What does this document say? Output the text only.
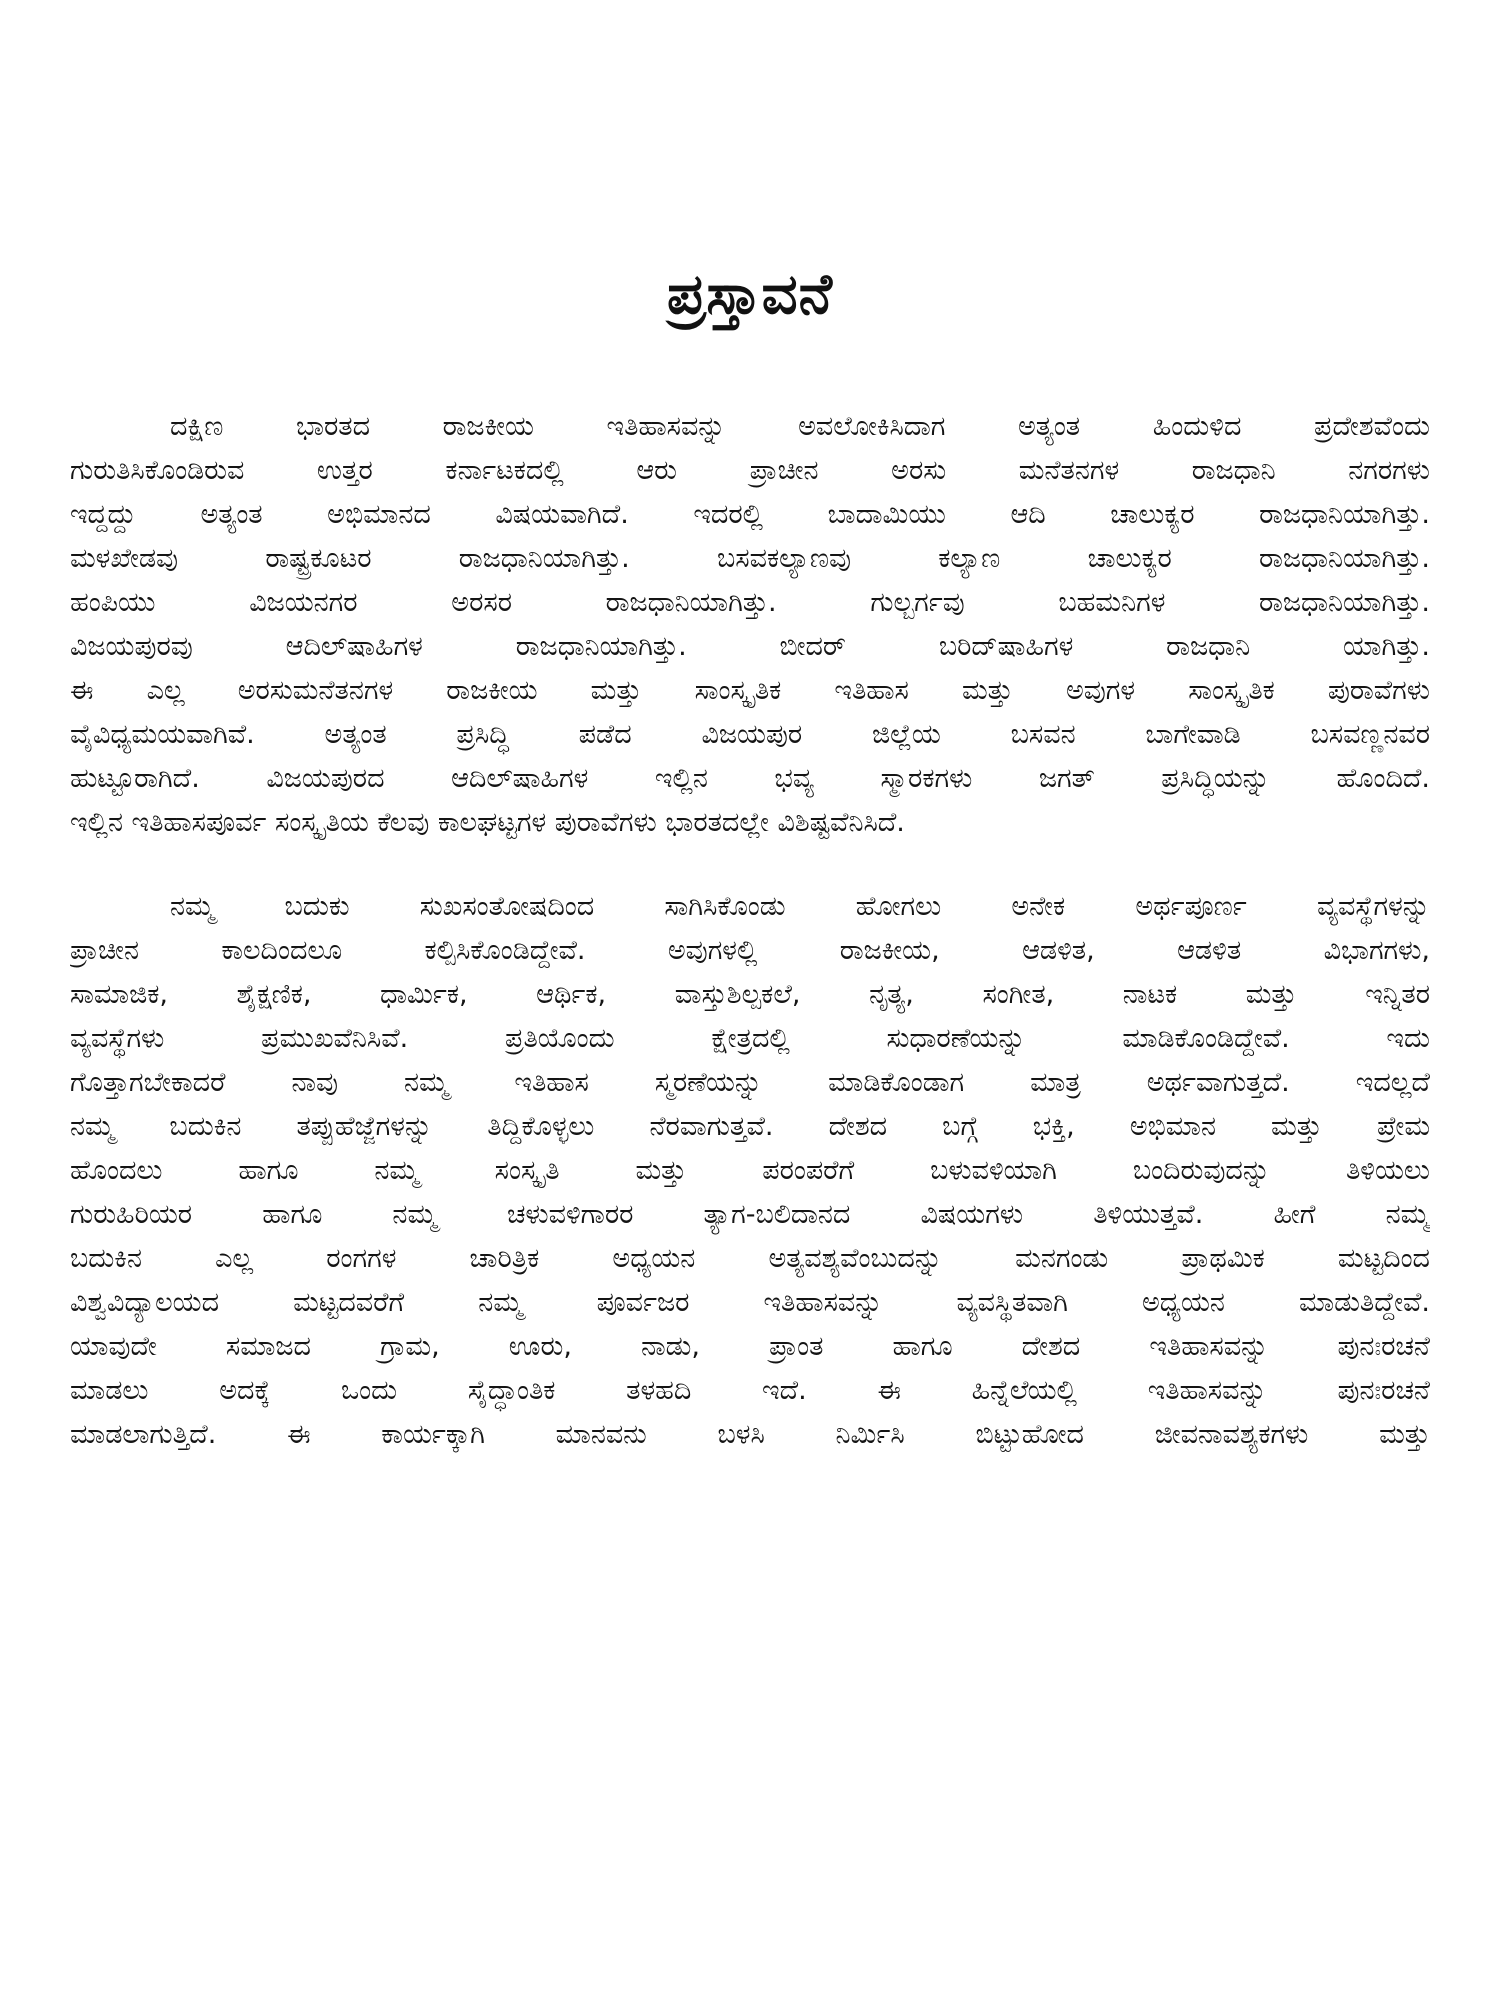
ಪ್ರಸ್ತಾವನೆ

ದಕ್ಷಿಣ ಭಾರತದ ರಾಜಕೀಯ ಇತಿಹಾಸವನ್ನು ಅವಲೋಕಿಸಿದಾಗ ಅತ್ಯಂತ ಹಿಂದುಳಿದ ಪ್ರದೇಶವೆಂದು
ಗುರುತಿಸಿಕೊಂಡಿರುವ ಉತ್ತರ ಕರ್ನಾಟಕದಲ್ಲಿ ಆರು ಪ್ರಾಚೀನ ಅರಸು ಮನೆತನಗಳ ರಾಜಧಾನಿ ನಗರಗಳು
ಇದ್ದದ್ದು ಅತ್ಯಂತ ಅಭಿಮಾನದ ವಿಷಯವಾಗಿದೆ. ಇದರಲ್ಲಿ ಬಾದಾಮಿಯು ಆದಿ ಚಾಲುಕ್ಯರ ರಾಜಧಾನಿಯಾಗಿತ್ತು.
ಮಳಖೇಡವು ರಾಷ್ಟ್ರಕೂಟರ ರಾಜಧಾನಿಯಾಗಿತ್ತು. ಬಸವಕಲ್ಯಾಣವು ಕಲ್ಯಾಣ ಚಾಲುಕ್ಯರ ರಾಜಧಾನಿಯಾಗಿತ್ತು.
ಹಂಪಿಯು ವಿಜಯನಗರ ಅರಸರ ರಾಜಧಾನಿಯಾಗಿತ್ತು. ಗುಲ್ಬರ್ಗವು ಬಹಮನಿಗಳ ರಾಜಧಾನಿಯಾಗಿತ್ತು.
ವಿಜಯಪುರವು ಆದಿಲ್‌ಷಾಹಿಗಳ ರಾಜಧಾನಿಯಾಗಿತ್ತು. ಬೀದರ್ ಬರಿದ್‌ಷಾಹಿಗಳ ರಾಜಧಾನಿ ಯಾಗಿತ್ತು.
ಈ ಎಲ್ಲ ಅರಸುಮನೆತನಗಳ ರಾಜಕೀಯ ಮತ್ತು ಸಾಂಸ್ಕೃತಿಕ ಇತಿಹಾಸ ಮತ್ತು ಅವುಗಳ ಸಾಂಸ್ಕೃತಿಕ ಪುರಾವೆಗಳು
ವೈವಿಧ್ಯಮಯವಾಗಿವೆ. ಅತ್ಯಂತ ಪ್ರಸಿದ್ಧಿ ಪಡೆದ ವಿಜಯಪುರ ಜಿಲ್ಲೆಯ ಬಸವನ ಬಾಗೇವಾಡಿ ಬಸವಣ್ಣನವರ
ಹುಟ್ಟೂರಾಗಿದೆ. ವಿಜಯಪುರದ ಆದಿಲ್‌ಷಾಹಿಗಳ ಇಲ್ಲಿನ ಭವ್ಯ ಸ್ಮಾರಕಗಳು ಜಗತ್ ಪ್ರಸಿದ್ಧಿಯನ್ನು ಹೊಂದಿದೆ.
ಇಲ್ಲಿನ ಇತಿಹಾಸಪೂರ್ವ ಸಂಸ್ಕೃತಿಯ ಕೆಲವು ಕಾಲಘಟ್ಟಗಳ ಪುರಾವೆಗಳು ಭಾರತದಲ್ಲೇ ವಿಶಿಷ್ಟವೆನಿಸಿದೆ.

ನಮ್ಮ ಬದುಕು ಸುಖಸಂತೋಷದಿಂದ ಸಾಗಿಸಿಕೊಂಡು ಹೋಗಲು ಅನೇಕ ಅರ್ಥಪೂರ್ಣ ವ್ಯವಸ್ಥೆಗಳನ್ನು
ಪ್ರಾಚೀನ ಕಾಲದಿಂದಲೂ ಕಲ್ಪಿಸಿಕೊಂಡಿದ್ದೇವೆ. ಅವುಗಳಲ್ಲಿ ರಾಜಕೀಯ, ಆಡಳಿತ, ಆಡಳಿತ ವಿಭಾಗಗಳು,
ಸಾಮಾಜಿಕ, ಶೈಕ್ಷಣಿಕ, ಧಾರ್ಮಿಕ, ಆರ್ಥಿಕ, ವಾಸ್ತುಶಿಲ್ಪಕಲೆ, ನೃತ್ಯ, ಸಂಗೀತ, ನಾಟಕ ಮತ್ತು ಇನ್ನಿತರ
ವ್ಯವಸ್ಥೆಗಳು ಪ್ರಮುಖವೆನಿಸಿವೆ. ಪ್ರತಿಯೊಂದು ಕ್ಷೇತ್ರದಲ್ಲಿ ಸುಧಾರಣೆಯನ್ನು ಮಾಡಿಕೊಂಡಿದ್ದೇವೆ. ಇದು
ಗೊತ್ತಾಗಬೇಕಾದರೆ ನಾವು ನಮ್ಮ ಇತಿಹಾಸ ಸ್ಮರಣೆಯನ್ನು ಮಾಡಿಕೊಂಡಾಗ ಮಾತ್ರ ಅರ್ಥವಾಗುತ್ತದೆ. ಇದಲ್ಲದೆ
ನಮ್ಮ ಬದುಕಿನ ತಪ್ಪುಹೆಜ್ಜೆಗಳನ್ನು ತಿದ್ದಿಕೊಳ್ಳಲು ನೆರವಾಗುತ್ತವೆ. ದೇಶದ ಬಗ್ಗೆ ಭಕ್ತಿ, ಅಭಿಮಾನ ಮತ್ತು ಪ್ರೇಮ
ಹೊಂದಲು ಹಾಗೂ ನಮ್ಮ ಸಂಸ್ಕೃತಿ ಮತ್ತು ಪರಂಪರೆಗೆ ಬಳುವಳಿಯಾಗಿ ಬಂದಿರುವುದನ್ನು ತಿಳಿಯಲು
ಗುರುಹಿರಿಯರ ಹಾಗೂ ನಮ್ಮ ಚಳುವಳಿಗಾರರ ತ್ಯಾಗ-ಬಲಿದಾನದ ವಿಷಯಗಳು ತಿಳಿಯುತ್ತವೆ. ಹೀಗೆ ನಮ್ಮ
ಬದುಕಿನ ಎಲ್ಲ ರಂಗಗಳ ಚಾರಿತ್ರಿಕ ಅಧ್ಯಯನ ಅತ್ಯವಶ್ಯವೆಂಬುದನ್ನು ಮನಗಂಡು ಪ್ರಾಥಮಿಕ ಮಟ್ಟದಿಂದ
ವಿಶ್ವವಿದ್ಯಾಲಯದ ಮಟ್ಟದವರೆಗೆ ನಮ್ಮ ಪೂರ್ವಜರ ಇತಿಹಾಸವನ್ನು ವ್ಯವಸ್ಥಿತವಾಗಿ ಅಧ್ಯಯನ ಮಾಡುತಿದ್ದೇವೆ.
ಯಾವುದೇ ಸಮಾಜದ ಗ್ರಾಮ, ಊರು, ನಾಡು, ಪ್ರಾಂತ ಹಾಗೂ ದೇಶದ ಇತಿಹಾಸವನ್ನು ಪುನಃರಚನೆ
ಮಾಡಲು ಅದಕ್ಕೆ ಒಂದು ಸೈದ್ಧಾಂತಿಕ ತಳಹದಿ ಇದೆ. ಈ ಹಿನ್ನೆಲೆಯಲ್ಲಿ ಇತಿಹಾಸವನ್ನು ಪುನಃರಚನೆ
ಮಾಡಲಾಗುತ್ತಿದೆ. ಈ ಕಾರ್ಯಕ್ಕಾಗಿ ಮಾನವನು ಬಳಸಿ ನಿರ್ಮಿಸಿ ಬಿಟ್ಟುಹೋದ ಜೀವನಾವಶ್ಯಕಗಳು ಮತ್ತು
